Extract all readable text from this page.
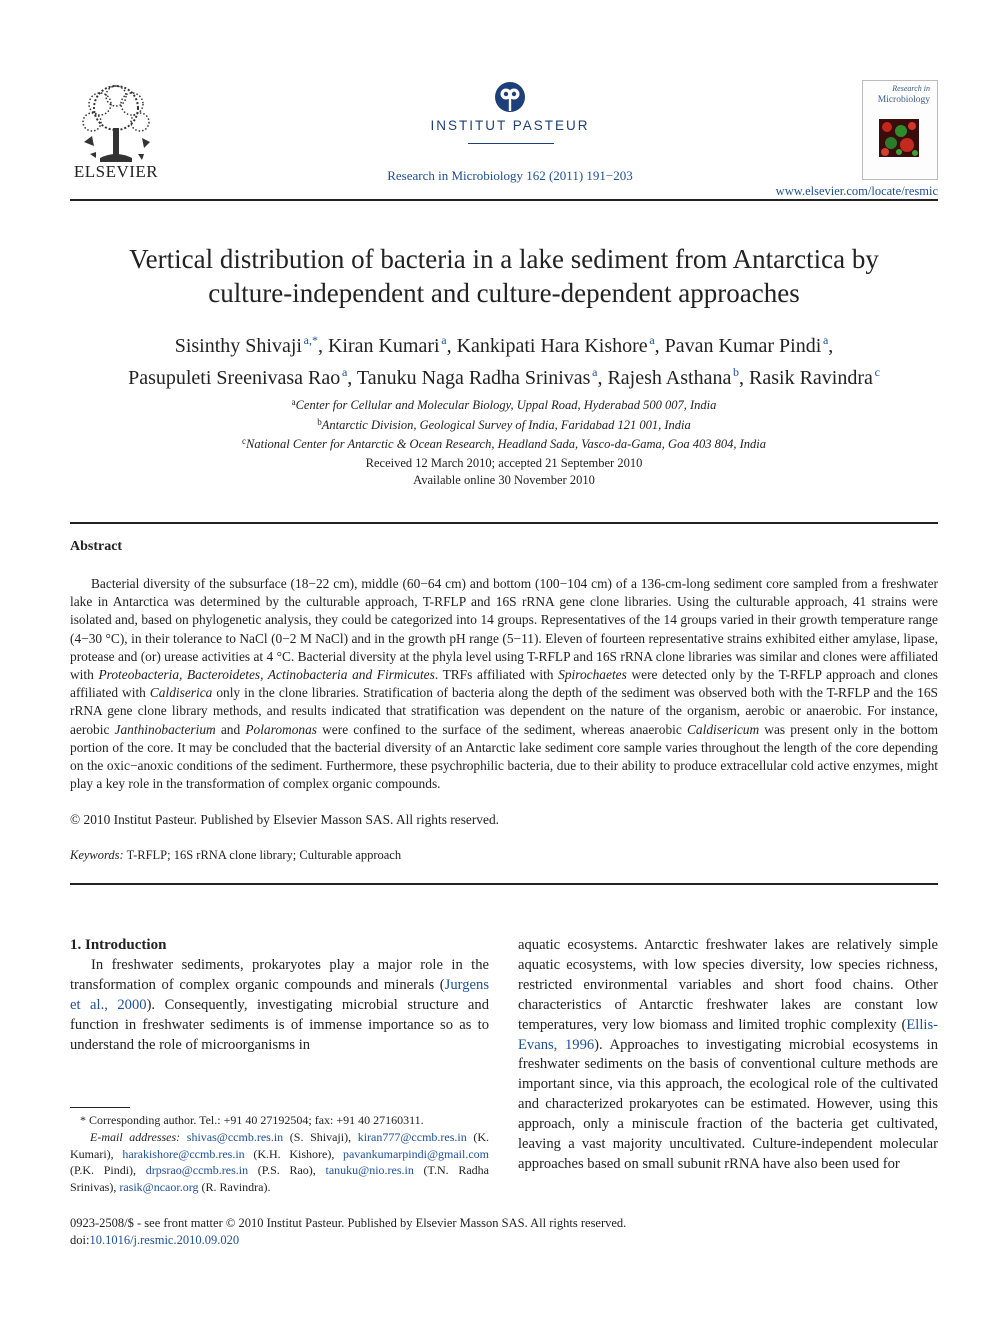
ELSEVIER
INSTITUT PASTEUR
Research in Microbiology 162 (2011) 191−203
Research in
Microbiology
www.elsevier.com/locate/resmic
Vertical distribution of bacteria in a lake sediment from Antarctica by
culture-independent and culture-dependent approaches
Sisinthy Shivaji  $^{a,*}$, Kiran Kumari  $^a$, Kankipati Hara Kishore  $^a$, Pavan Kumar Pindi  $^a$,
Pasupuleti Sreenivasa Rao  $^a$, Tanuku Naga Radha Srinivas  $^a$, Rajesh Asthana  $^b$, Rasik Ravindra  $^c$
$^a$Center for Cellular and Molecular Biology, Uppal Road, Hyderabad 500 007, India
$^b$Antarctic Division, Geological Survey of India, Faridabad 121 001, India
$^c$National Center for Antarctic & Ocean Research, Headland Sada, Vasco-da-Gama, Goa 403 804, India
Received 12 March 2010; accepted 21 September 2010
Available online 30 November 2010
Abstract

Bacterial diversity of the subsurface (18−22 cm), middle (60−64 cm) and bottom (100−104 cm) of a 136-cm-long sediment core sampled from a freshwater lake in Antarctica was determined by the culturable approach, T-RFLP and 16S rRNA gene clone libraries. Using the culturable approach, 41 strains were isolated and, based on phylogenetic analysis, they could be categorized into 14 groups. Representatives of the 14 groups varied in their growth temperature range (4−30 °C), in their tolerance to NaCl (0−2 M NaCl) and in the growth pH range (5−11). Eleven of fourteen representative strains exhibited either amylase, lipase, protease and (or) urease activities at 4 °C. Bacterial diversity at the phyla level using T-RFLP and 16S rRNA clone libraries was similar and clones were affiliated with Proteobacteria, Bacteroidetes, Actinobacteria and Firmicutes. TRFs affiliated with Spirochaetes were detected only by the T-RFLP approach and clones affiliated with Caldiserica only in the clone libraries. Stratification of bacteria along the depth of the sediment was observed both with the T-RFLP and the 16S rRNA gene clone library methods, and results indicated that stratification was dependent on the nature of the organism, aerobic or anaerobic. For instance, aerobic Janthinobacterium and Polaromonas were confined to the surface of the sediment, whereas anaerobic Caldisericum was present only in the bottom portion of the core. It may be concluded that the bacterial diversity of an Antarctic lake sediment core sample varies throughout the length of the core depending on the oxic−anoxic conditions of the sediment. Furthermore, these psychrophilic bacteria, due to their ability to produce extracellular cold active enzymes, might play a key role in the transformation of complex organic compounds.

© 2010 Institut Pasteur. Published by Elsevier Masson SAS. All rights reserved.
Keywords: T-RFLP; 16S rRNA clone library; Culturable approach
1. Introduction

In freshwater sediments, prokaryotes play a major role in the transformation of complex organic compounds and minerals (Jurgens et al., 2000). Consequently, investigating microbial structure and function in freshwater sediments is of immense importance so as to understand the role of microorganisms in

aquatic ecosystems. Antarctic freshwater lakes are relatively simple aquatic ecosystems, with low species diversity, low species richness, restricted environmental variables and short food chains. Other characteristics of Antarctic freshwater lakes are constant low temperatures, very low biomass and limited trophic complexity (Ellis-Evans, 1996). Approaches to investigating microbial ecosystems in freshwater sediments on the basis of conventional culture methods are important since, via this approach, the ecological role of the cultivated and characterized prokaryotes can be estimated. However, using this approach, only a miniscule fraction of the bacteria get cultivated, leaving a vast majority uncultivated. Culture-independent molecular approaches based on small subunit rRNA have also been used for

* Corresponding author. Tel.: +91 40 27192504; fax: +91 40 27160311.

E-mail addresses: shivas@ccmb.res.in (S. Shivaji), kiran777@ccmb.res.in (K. Kumari), harakishore@ccmb.res.in (K.H. Kishore), pavankumarpindi@gmail.com (P.K. Pindi), drpsrao@ccmb.res.in (P.S. Rao), tanuku@nio.res.in (T.N. Radha Srinivas), rasik@ncaor.org (R. Ravindra).

0923-2508/$ - see front matter © 2010 Institut Pasteur. Published by Elsevier Masson SAS. All rights reserved.
doi:10.1016/j.resmic.2010.09.020
